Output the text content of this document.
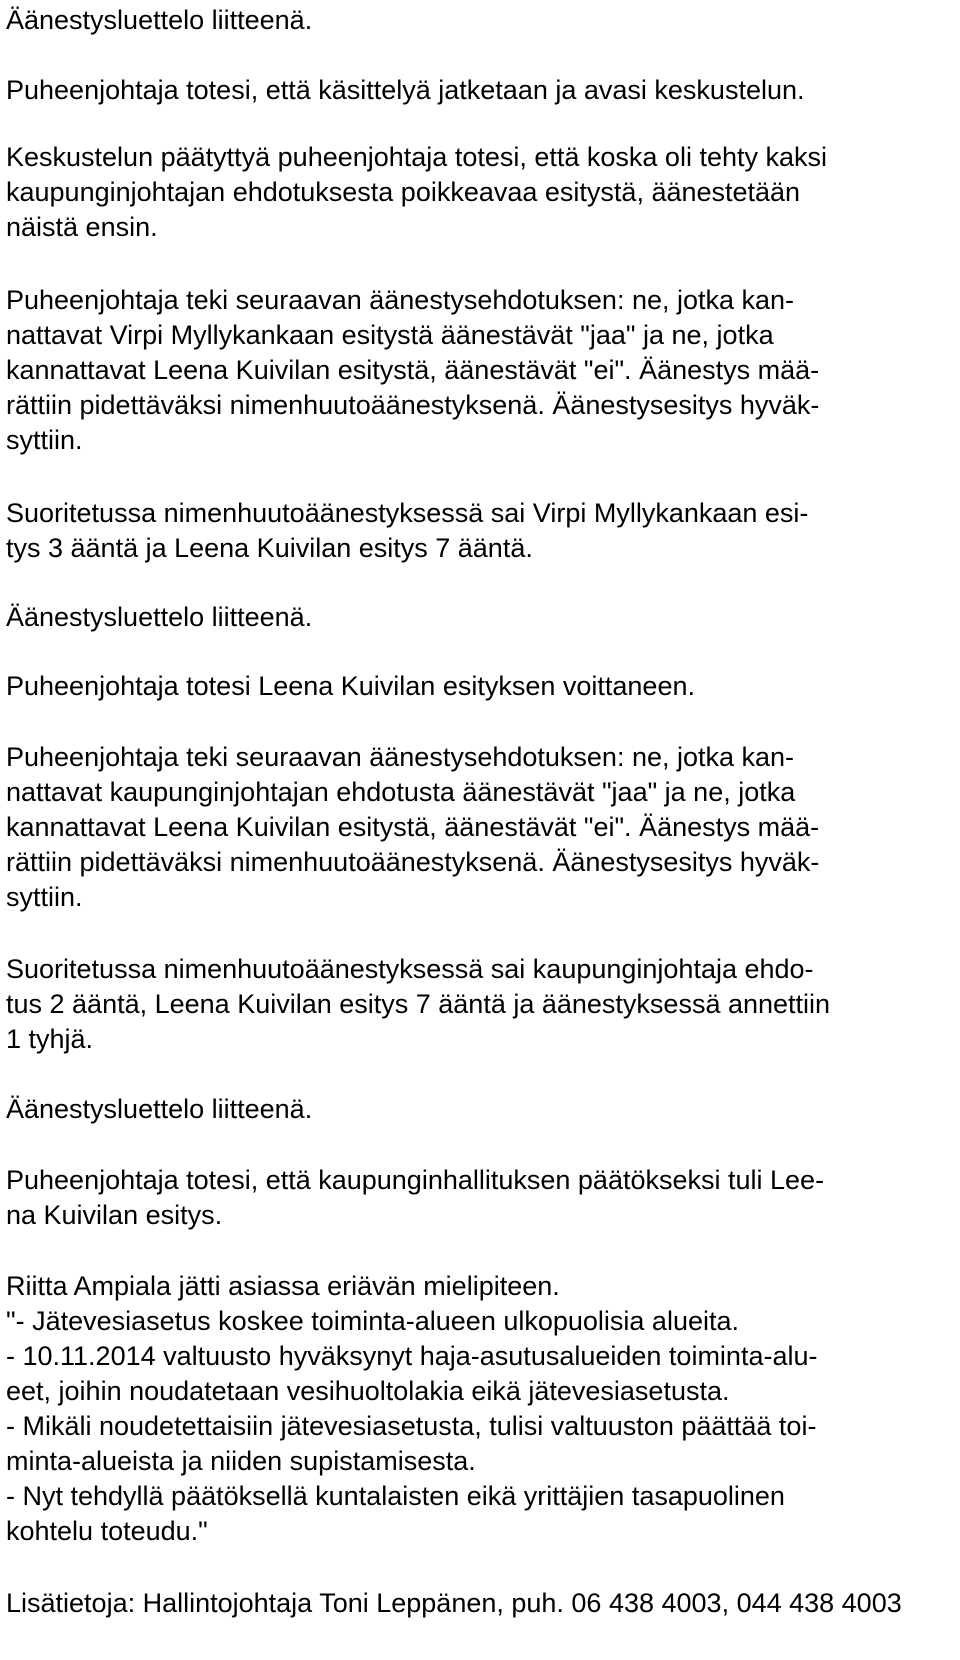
Äänestysluettelo liitteenä.

Puheenjohtaja totesi, että käsittelyä jatketaan ja avasi keskustelun.

Keskustelun päätyttyä puheenjohtaja totesi, että koska oli tehty kaksi

kaupunginjohtajan ehdotuksesta poikkeavaa esitystä, äänestetään

näistä ensin.

Puheenjohtaja teki seuraavan äänestysehdotuksen: ne, jotka kan-

nattavat Virpi Myllykankaan esitystä äänestävät "jaa" ja ne, jotka

kannattavat Leena Kuivilan esitystä, äänestävät "ei". Äänestys mää-

rättiin pidettäväksi nimenhuutoäänestyksenä. Äänestysesitys hyväk-

syttiin.

Suoritetussa nimenhuutoäänestyksessä sai Virpi Myllykankaan esi-

tys 3 ääntä ja Leena Kuivilan esitys 7 ääntä.

Äänestysluettelo liitteenä.

Puheenjohtaja totesi Leena Kuivilan esityksen voittaneen.

Puheenjohtaja teki seuraavan äänestysehdotuksen: ne, jotka kan-

nattavat kaupunginjohtajan ehdotusta äänestävät "jaa" ja ne, jotka

kannattavat Leena Kuivilan esitystä, äänestävät "ei". Äänestys mää-

rättiin pidettäväksi nimenhuutoäänestyksenä. Äänestysesitys hyväk-

syttiin.

Suoritetussa nimenhuutoäänestyksessä sai kaupunginjohtaja ehdo-

tus 2 ääntä, Leena Kuivilan esitys 7 ääntä ja äänestyksessä annettiin

1 tyhjä.

Äänestysluettelo liitteenä.

Puheenjohtaja totesi, että kaupunginhallituksen päätökseksi tuli Lee-

na Kuivilan esitys.

Riitta Ampiala jätti asiassa eriävän mielipiteen.

"- Jätevesiasetus koskee toiminta-alueen ulkopuolisia alueita.

- 10.11.2014 valtuusto hyväksynyt haja-asutusalueiden toiminta-alu-

eet, joihin noudatetaan vesihuoltolakia eikä jätevesiasetusta.

- Mikäli noudetettaisiin jätevesiasetusta, tulisi valtuuston päättää toi-

minta-alueista ja niiden supistamisesta.

- Nyt tehdyllä päätöksellä kuntalaisten eikä yrittäjien tasapuolinen

kohtelu toteudu."

Lisätietoja: Hallintojohtaja Toni Leppänen, puh. 06 438 4003, 044 438 4003
